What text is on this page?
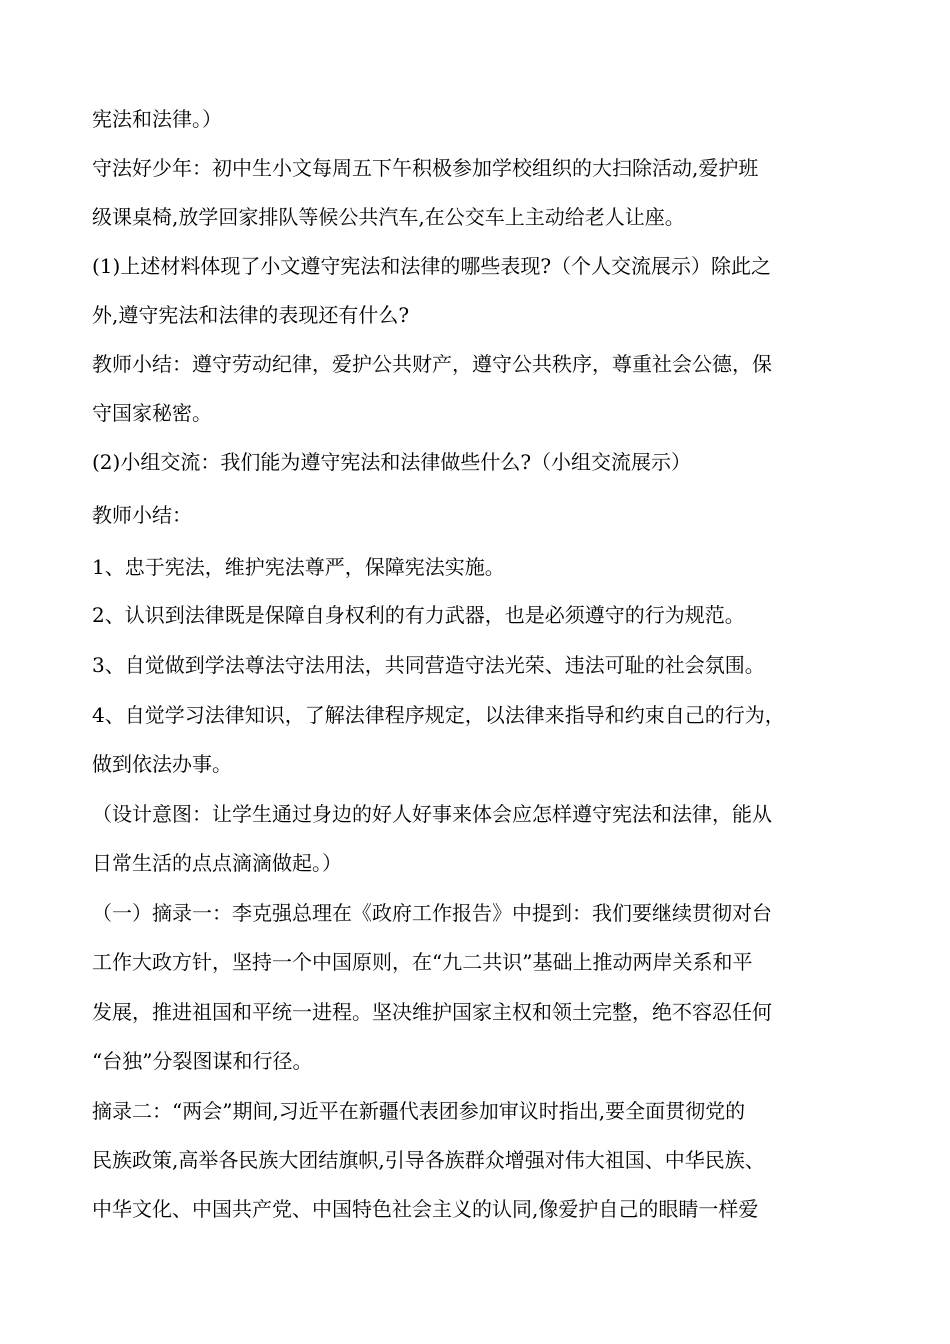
宪法和法律。）
守法好少年：初中生小文每周五下午积极参加学校组织的大扫除活动,爱护班
级课桌椅,放学回家排队等候公共汽车,在公交车上主动给老人让座。
(1)上述材料体现了小文遵守宪法和法律的哪些表现?（个人交流展示）除此之
外,遵守宪法和法律的表现还有什么?
教师小结：遵守劳动纪律，爱护公共财产，遵守公共秩序，尊重社会公德，保
守国家秘密。
(2)小组交流：我们能为遵守宪法和法律做些什么?（小组交流展示）
教师小结：
1、忠于宪法，维护宪法尊严，保障宪法实施。
2、认识到法律既是保障自身权利的有力武器，也是必须遵守的行为规范。
3、自觉做到学法尊法守法用法，共同营造守法光荣、违法可耻的社会氛围。
4、自觉学习法律知识，了解法律程序规定，以法律来指导和约束自己的行为，
做到依法办事。
（设计意图：让学生通过身边的好人好事来体会应怎样遵守宪法和法律，能从
日常生活的点点滴滴做起。）
（一）摘录一：李克强总理在《政府工作报告》中提到：我们要继续贯彻对台
工作大政方针，坚持一个中国原则，在“九二共识”基础上推动两岸关系和平
发展，推进祖国和平统一进程。坚决维护国家主权和领土完整，绝不容忍任何
“台独”分裂图谋和行径。
摘录二：“两会”期间,习近平在新疆代表团参加审议时指出,要全面贯彻党的
民族政策,高举各民族大团结旗帜,引导各族群众增强对伟大祖国、中华民族、
中华文化、中国共产党、中国特色社会主义的认同,像爱护自己的眼睛一样爱
